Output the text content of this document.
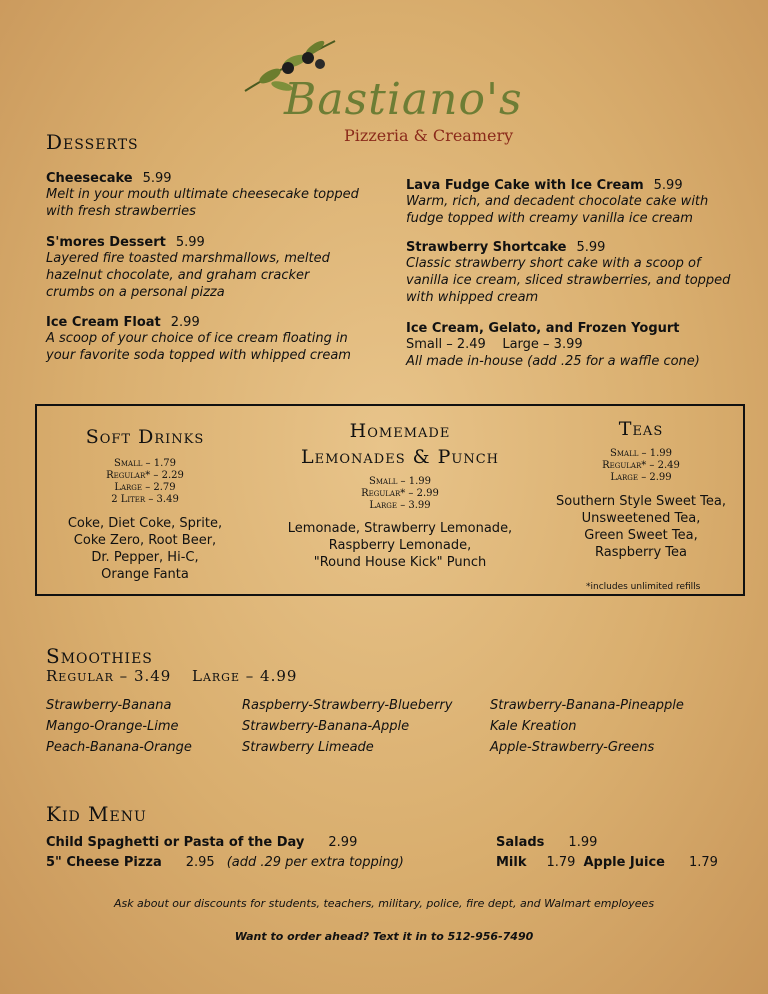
Bastiano's
Pizzeria & Creamery
Desserts
Cheesecake 5.99
Melt in your mouth ultimate cheesecake topped with fresh strawberries
S'mores Dessert 5.99
Layered fire toasted marshmallows, melted hazelnut chocolate, and graham cracker crumbs on a personal pizza
Ice Cream Float 2.99
A scoop of your choice of ice cream floating in your favorite soda topped with whipped cream
Lava Fudge Cake with Ice Cream 5.99
Warm, rich, and decadent chocolate cake with fudge topped with creamy vanilla ice cream
Strawberry Shortcake 5.99
Classic strawberry short cake with a scoop of vanilla ice cream, sliced strawberries, and topped with whipped cream
Ice Cream, Gelato, and Frozen Yogurt
Small – 2.49    Large – 3.99
All made in-house (add .25 for a waffle cone)
Soft Drinks
Small – 1.79
Regular* – 2.29
Large – 2.79
2 Liter – 3.49
Coke, Diet Coke, Sprite,
Coke Zero, Root Beer,
Dr. Pepper, Hi-C,
Orange Fanta
Homemade
Lemonades & Punch
Small – 1.99
Regular* – 2.99
Large – 3.99
Lemonade, Strawberry Lemonade,
Raspberry Lemonade,
"Round House Kick" Punch
Teas
Small – 1.99
Regular* – 2.49
Large – 2.99
Southern Style Sweet Tea,
Unsweetened Tea,
Green Sweet Tea,
Raspberry Tea
*includes unlimited refills
Smoothies
Regular – 3.49 Large – 4.99
Strawberry-Banana
Mango-Orange-Lime
Peach-Banana-Orange
Raspberry-Strawberry-Blueberry
Strawberry-Banana-Apple
Strawberry Limeade
Strawberry-Banana-Pineapple
Kale Kreation
Apple-Strawberry-Greens
Kid Menu
Child Spaghetti or Pasta of the Day 2.99
5" Cheese Pizza 2.95 (add .29 per extra topping)
Salads 1.99
Milk 1.79 Apple Juice 1.79
Ask about our discounts for students, teachers, military, police, fire dept, and Walmart employees
Want to order ahead? Text it in to 512-956-7490
